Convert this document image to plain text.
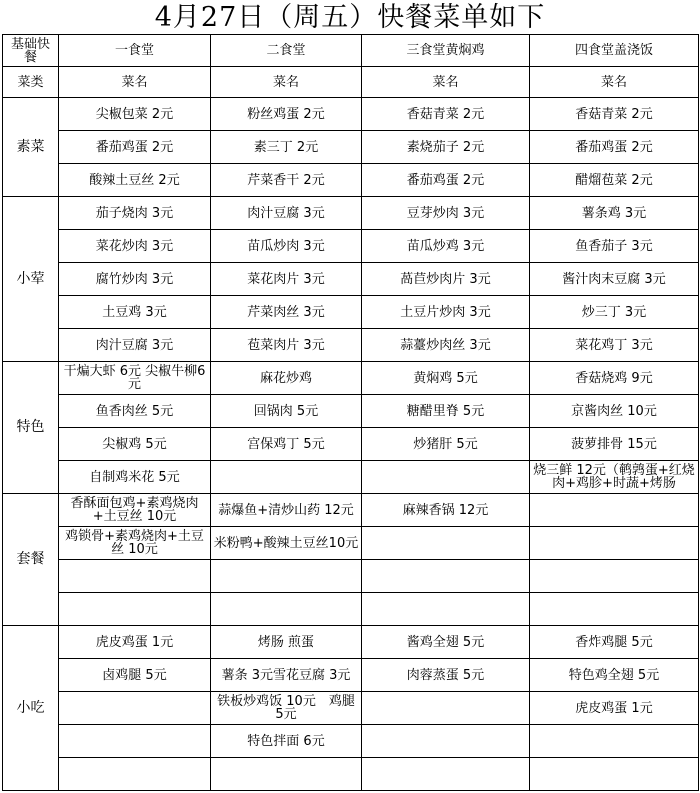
4月27日（周五）快餐菜单如下
基础快餐	一食堂	二食堂	三食堂黄焖鸡	四食堂盖浇饭
菜类	菜名	菜名	菜名	菜名
素菜	尖椒包菜 2元	粉丝鸡蛋 2元	香菇青菜 2元	香菇青菜 2元
	番茄鸡蛋 2元	素三丁 2元	素烧茄子 2元	番茄鸡蛋 2元
	酸辣土豆丝 2元	芹菜香干 2元	番茄鸡蛋 2元	醋熘苞菜 2元
小荤	茄子烧肉 3元	肉汁豆腐 3元	豆芽炒肉 3元	薯条鸡 3元
	菜花炒肉 3元	苗瓜炒肉 3元	苗瓜炒鸡 3元	鱼香茄子 3元
	腐竹炒肉 3元	菜花肉片 3元	萵苣炒肉片 3元	酱汁肉末豆腐 3元
	土豆鸡 3元	芹菜肉丝 3元	土豆片炒肉 3元	炒三丁 3元
	肉汁豆腐 3元	苞菜肉片 3元	蒜薹炒肉丝 3元	菜花鸡丁 3元
特色	干煸大虾 6元 尖椒牛柳6元	麻花炒鸡	黄焖鸡 5元	香菇烧鸡 9元
	鱼香肉丝 5元	回锅肉 5元	糖醋里脊 5元	京酱肉丝 10元
	尖椒鸡 5元	宫保鸡丁 5元	炒猪肝 5元	菠萝排骨 15元
	自制鸡米花 5元			烧三鲜 12元（鹌鹑蛋+红烧肉+鸡胗+时蔬+烤肠
套餐	香酥面包鸡+素鸡烧肉+土豆丝 10元	蒜爆鱼+清炒山药 12元	麻辣香锅 12元	
	鸡锁骨+素鸡烧肉+土豆丝 10元	米粉鸭+酸辣土豆丝10元		

小吃	虎皮鸡蛋 1元	烤肠 煎蛋	酱鸡全翅 5元	香炸鸡腿 5元
	卤鸡腿 5元	薯条 3元雪花豆腐 3元	肉蓉蒸蛋 5元	特色鸡全翅 5元
		铁板炒鸡饭 10元　鸡腿 5元		虎皮鸡蛋 1元
		特色拌面 6元		
